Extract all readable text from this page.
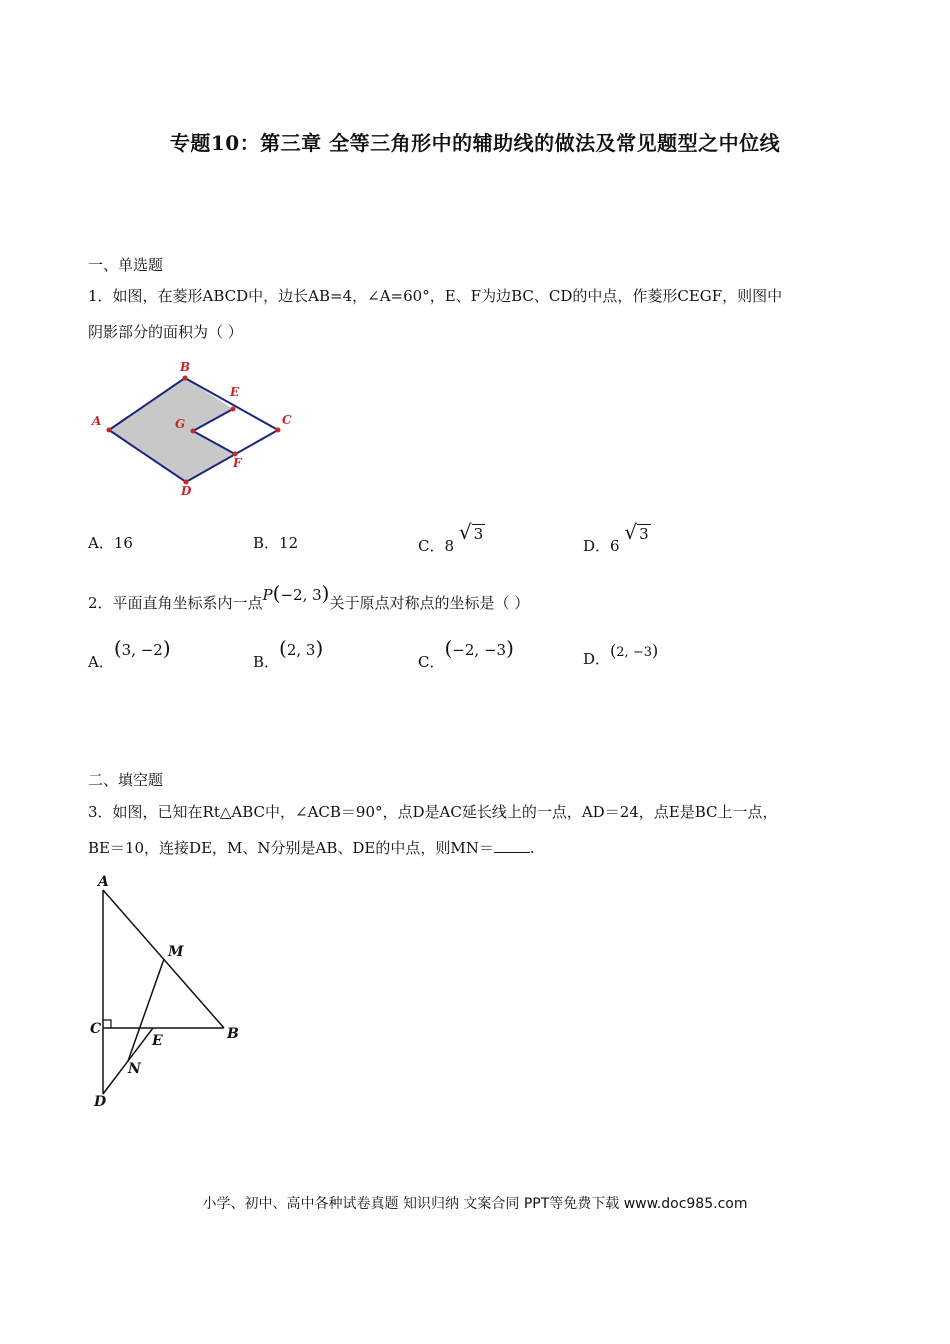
专题10：第三章 全等三角形中的辅助线的做法及常见题型之中位线
一、单选题
1．如图，在菱形ABCD中，边长AB=4，∠A=60°，E、F为边BC、CD的中点，作菱形CEGF，则图中
阴影部分的面积为（ ）
A
B
C
D
E
F
G
A．16	B．12	C．8 √ 3
D．6 √ 3
2．平面直角坐标系内一点P(−2, 3)关于原点对称点的坐标是（ ）
A．(3, −2)
B．(2, 3)
C．(−2, −3)	D．(2, −3)
二、填空题
3．如图，已知在Rt△ABC中，∠ACB＝90°，点D是AC延长线上的一点，AD＝24，点E是BC上一点，
BE＝10，连接DE，M、N分别是AB、DE的中点，则MN＝ .
A
C	B
D
M
E
N
小学、初中、高中各种试卷真题 知识归纳 文案合同 PPT等免费下载 www.doc985.com
